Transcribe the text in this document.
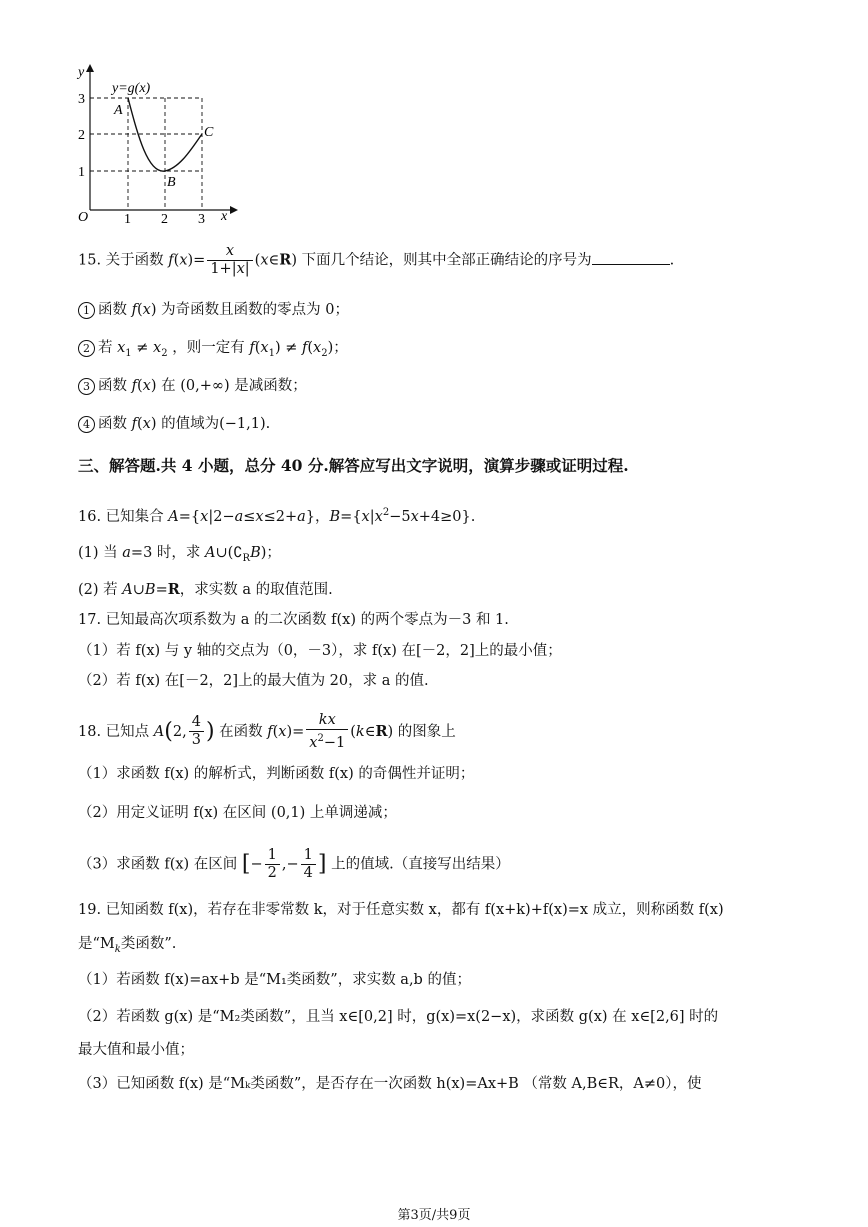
y=g(x)
y
x
O	1 2 3
1
2
3
A
B
C
15. 关于函数 $f(x)= \frac{x}{1+|x|}$ (x∈R) 下面几个结论，则其中全部正确结论的序号为	.
1 函数 f(x) 为奇函数且函数的零点为 0；
2 若 $x_1 \ne x_2$ ，则一定有 $f(x_1) \ne f(x_2)$；
3 函数 f(x) 在 (0,+∞) 是减函数；
4 函数 f(x) 的值域为(−1,1).
三、解答题.共 4 小题，总分 40 分.解答应写出文字说明，演算步骤或证明过程.
16. 已知集合 A={x|2−a≤x≤2+a}，$B=\{x|x^2-5x+4\ge 0\}$.
(1) 当 a=3 时，求 $A\cup(∁_RB)$；
(2) 若 A∪B=R，求实数 a 的取值范围.
17. 已知最高次项系数为 a 的二次函数 f(x) 的两个零点为－3 和 1.
（1）若 f(x) 与 y 轴的交点为（0，－3），求 f(x) 在[－2，2]上的最小值；
（2）若 f(x) 在[－2，2]上的最大值为 20，求 a 的值.
18. 已知点 A(2, $\frac{4}{3}$ ) 在函数 $f(x)= \frac{kx}{x^2-1}$ (k∈R) 的图象上
（1）求函数 f(x) 的解析式，判断函数 f(x) 的奇偶性并证明；
（2）用定义证明 f(x) 在区间 (0,1) 上单调递减；
（3）求函数 f(x) 在区间 [− $\frac{1}{2}$ ,− $\frac{1}{4}$ ] 上的值域.（直接写出结果）
19. 已知函数 f(x)，若存在非零常数 k，对于任意实数 x，都有 f(x+k)+f(x)=x 成立，则称函数 f(x)
是“$M_k$类函数”.
（1）若函数 f(x)=ax+b 是“M₁类函数”，求实数 a,b 的值；
（2）若函数 g(x) 是“M₂类函数”，且当 x∈[0,2] 时，g(x)=x(2−x)，求函数 g(x) 在 x∈[2,6] 时的
最大值和最小值；
（3）已知函数 f(x) 是“Mₖ类函数”，是否存在一次函数 h(x)=Ax+B （常数 A,B∈R，A≠0），使
第3页/共9页
